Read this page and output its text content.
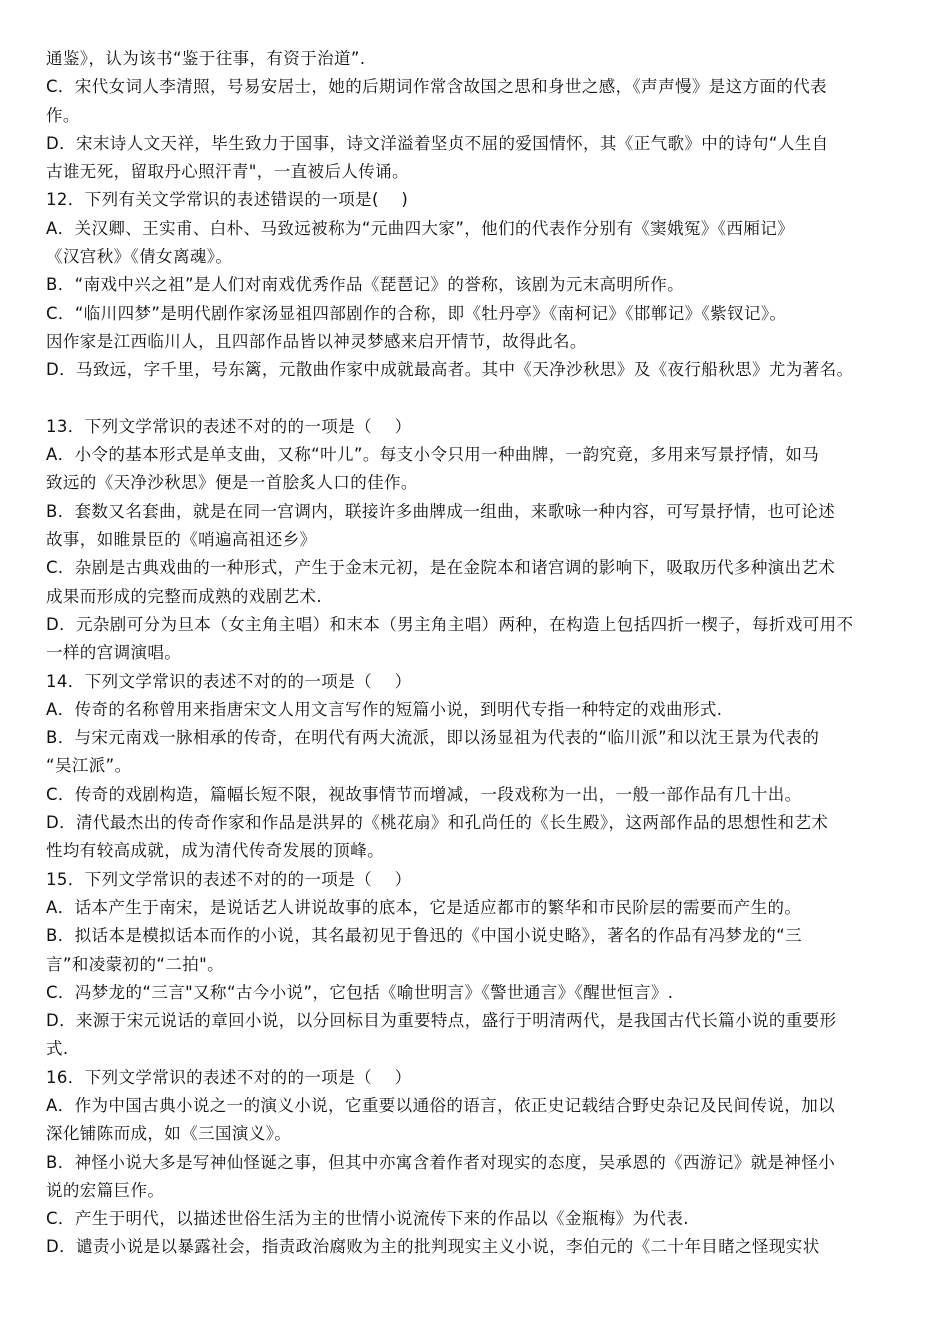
通鉴》，认为该书“鉴于往事，有资于治道”.
C．宋代女词人李清照，号易安居士，她的后期词作常含故国之思和身世之感，《声声慢》是这方面的代表
作。
D．宋末诗人文天祥，毕生致力于国事，诗文洋溢着坚贞不屈的爱国情怀，其《正气歌》中的诗句“人生自
古谁无死，留取丹心照汗青"，一直被后人传诵。
12．下列有关文学常识的表述错误的一项是(    )
A．关汉卿、王实甫、白朴、马致远被称为“元曲四大家”，他们的代表作分别有《窦娥冤》《西厢记》
《汉宫秋》《倩女离魂》。
B．“南戏中兴之祖”是人们对南戏优秀作品《琵琶记》的誉称，该剧为元末高明所作。
C．“临川四梦”是明代剧作家汤显祖四部剧作的合称，即《牡丹亭》《南柯记》《邯郸记》《紫钗记》。
因作家是江西临川人，且四部作品皆以神灵梦感来启开情节，故得此名。
D．马致远，字千里，号东篱，元散曲作家中成就最高者。其中《天净沙秋思》及《夜行船秋思》尤为著名。
13．下列文学常识的表述不对的的一项是（    ）
A．小令的基本形式是单支曲，又称“叶儿”。每支小令只用一种曲牌，一韵究竟，多用来写景抒情，如马
致远的《天净沙秋思》便是一首脍炙人口的佳作。
B．套数又名套曲，就是在同一宫调内，联接许多曲牌成一组曲，来歌咏一种内容，可写景抒情，也可论述
故事，如睢景臣的《哨遍高祖还乡》
C．杂剧是古典戏曲的一种形式，产生于金末元初，是在金院本和诸宫调的影响下，吸取历代多种演出艺术
成果而形成的完整而成熟的戏剧艺术.
D．元杂剧可分为旦本（女主角主唱）和末本（男主角主唱）两种，在构造上包括四折一楔子，每折戏可用不
一样的宫调演唱。
14．下列文学常识的表述不对的的一项是（    ）
A．传奇的名称曾用来指唐宋文人用文言写作的短篇小说，到明代专指一种特定的戏曲形式.
B．与宋元南戏一脉相承的传奇，在明代有两大流派，即以汤显祖为代表的“临川派”和以沈王景为代表的
“吴江派”。
C．传奇的戏剧构造，篇幅长短不限，视故事情节而增减，一段戏称为一出，一般一部作品有几十出。
D．清代最杰出的传奇作家和作品是洪昇的《桃花扇》和孔尚任的《长生殿》，这两部作品的思想性和艺术
性均有较高成就，成为清代传奇发展的顶峰。
15．下列文学常识的表述不对的的一项是（    ）
A．话本产生于南宋，是说话艺人讲说故事的底本，它是适应都市的繁华和市民阶层的需要而产生的。
B．拟话本是模拟话本而作的小说，其名最初见于鲁迅的《中国小说史略》，著名的作品有冯梦龙的“三
言”和凌蒙初的“二拍"。
C．冯梦龙的“三言"又称“古今小说”，它包括《喻世明言》《警世通言》《醒世恒言》.
D．来源于宋元说话的章回小说，以分回标目为重要特点，盛行于明清两代，是我国古代长篇小说的重要形
式.
16．下列文学常识的表述不对的的一项是（    ）
A．作为中国古典小说之一的演义小说，它重要以通俗的语言，依正史记载结合野史杂记及民间传说，加以
深化铺陈而成，如《三国演义》。
B．神怪小说大多是写神仙怪诞之事，但其中亦寓含着作者对现实的态度，吴承恩的《西游记》就是神怪小
说的宏篇巨作。
C．产生于明代，以描述世俗生活为主的世情小说流传下来的作品以《金瓶梅》为代表.
D．谴责小说是以暴露社会，指责政治腐败为主的批判现实主义小说，李伯元的《二十年目睹之怪现实状
